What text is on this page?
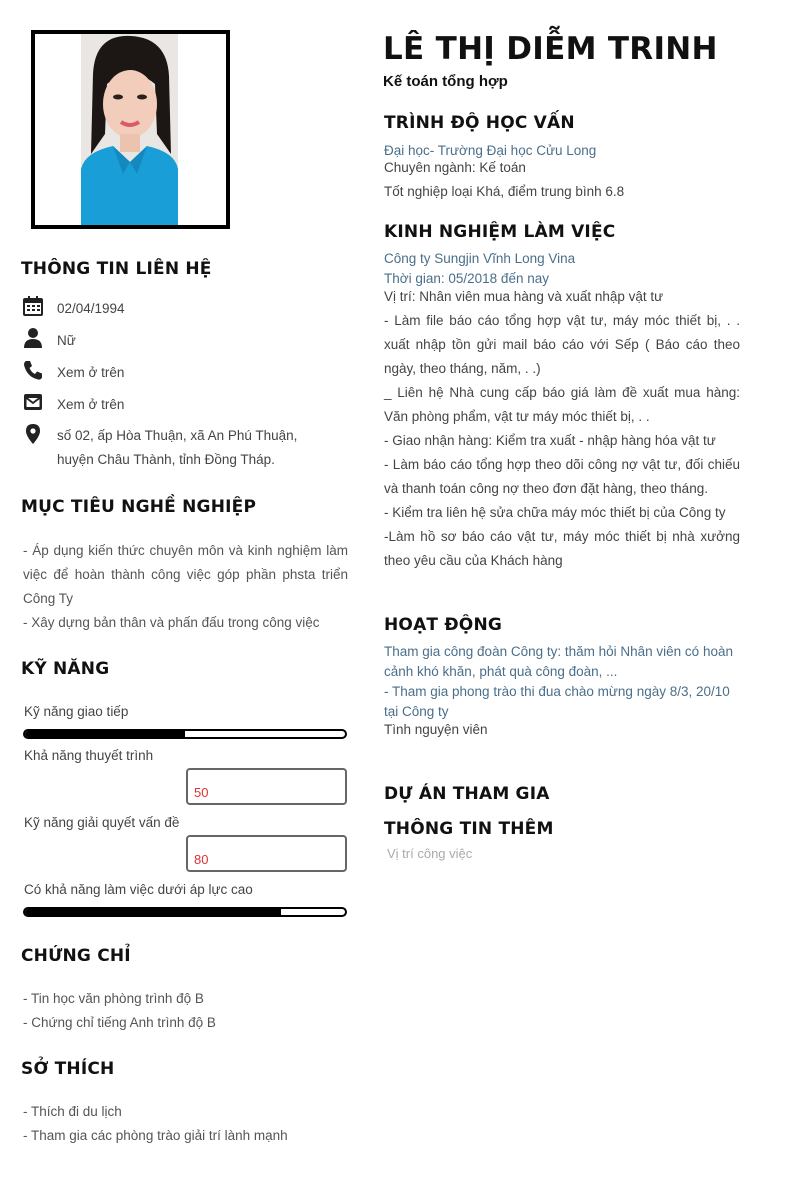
THÔNG TIN LIÊN HỆ
02/04/1994
Nữ
Xem ở trên
Xem ở trên
số 02, ấp Hòa Thuận, xã An Phú Thuận,
huyện Châu Thành, tỉnh Đồng Tháp.
MỤC TIÊU NGHỀ NGHIỆP
- Áp dụng kiến thức chuyên môn và kinh nghiệm làm
việc để hoàn thành công việc góp phần phsta triển
Công Ty
- Xây dựng bản thân và phấn đấu trong công việc
KỸ NĂNG
Kỹ năng giao tiếp
Khả năng thuyết trình
50
Kỹ năng giải quyết vấn đề
80
Có khả năng làm việc dưới áp lực cao
CHỨNG CHỈ
- Tin học văn phòng trình độ B
- Chứng chỉ tiếng Anh trình độ B
SỞ THÍCH
- Thích đi du lịch
- Tham gia các phòng trào giải trí lành mạnh
LÊ THỊ DIỄM TRINH
Kế toán tổng hợp
TRÌNH ĐỘ HỌC VẤN
Đại học- Trường Đại học Cửu Long
Chuyên ngành: Kế toán
Tốt nghiệp loại Khá, điểm trung bình 6.8
KINH NGHIỆM LÀM VIỆC
Công ty Sungjin Vĩnh Long Vina
Thời gian: 05/2018 đến nay
Vị trí: Nhân viên mua hàng và xuất nhập vật tư
- Làm file báo cáo tổng hợp vật tư, máy móc thiết bị, . .
xuất nhập tồn gửi mail báo cáo với Sếp ( Báo cáo theo
ngày, theo tháng, năm, . .)
_ Liên hệ Nhà cung cấp báo giá làm đề xuất mua hàng:
Văn phòng phẩm, vật tư máy móc thiết bị, . .
- Giao nhận hàng: Kiểm tra xuất - nhập hàng hóa vật tư
- Làm báo cáo tổng hợp theo dõi công nợ vật tư, đối chiếu
và thanh toán công nợ theo đơn đặt hàng, theo tháng.
- Kiểm tra liên hệ sửa chữa máy móc thiết bị của Công ty
-Làm hồ sơ báo cáo vật tư, máy móc thiết bị nhà xưởng
theo yêu cầu của Khách hàng
HOẠT ĐỘNG
Tham gia công đoàn Công ty: thăm hỏi Nhân viên có hoàn
cảnh khó khăn, phát quà công đoàn, ...
- Tham gia phong trào thi đua chào mừng ngày 8/3, 20/10
tại Công ty
Tình nguyện viên
DỰ ÁN THAM GIA
THÔNG TIN THÊM
Vị trí công việc
